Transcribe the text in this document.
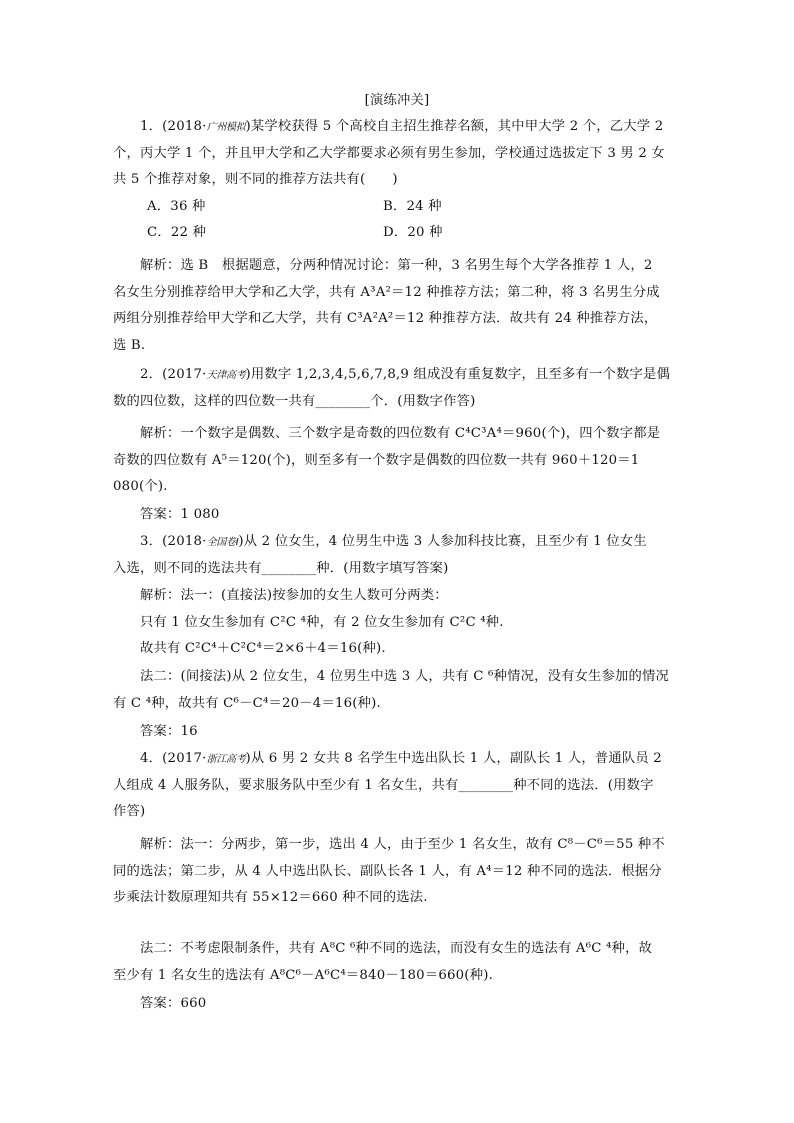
[演练冲关]
1．(2018·广州模拟)某学校获得 5 个高校自主招生推荐名额，其中甲大学 2 个，乙大学 2
个，丙大学 1 个，并且甲大学和乙大学都要求必须有男生参加，学校通过选拔定下 3 男 2 女
共 5 个推荐对象，则不同的推荐方法共有(　　)
A．36 种	B．24 种
C．22 种	D．20 种
解析：选 B　根据题意，分两种情况讨论：第一种，3 名男生每个大学各推荐 1 人，2
名女生分别推荐给甲大学和乙大学，共有 A³A²＝12 种推荐方法；第二种，将 3 名男生分成
两组分别推荐给甲大学和乙大学，共有 C³A²A²＝12 种推荐方法．故共有 24 种推荐方法，
选 B.
2．(2017·天津高考)用数字 1,2,3,4,5,6,7,8,9 组成没有重复数字，且至多有一个数字是偶
数的四位数，这样的四位数一共有________个．(用数字作答)
解析：一个数字是偶数、三个数字是奇数的四位数有 C⁴C³A⁴＝960(个)，四个数字都是
奇数的四位数有 A⁵＝120(个)，则至多有一个数字是偶数的四位数一共有 960＋120＝1
080(个).
答案：1 080
3．(2018·全国卷Ⅰ)从 2 位女生，4 位男生中选 3 人参加科技比赛，且至少有 1 位女生
入选，则不同的选法共有________种．(用数字填写答案)
解析：法一：(直接法)按参加的女生人数可分两类：
只有 1 位女生参加有 C²C ⁴种，有 2 位女生参加有 C²C ⁴种.
故共有 C²C⁴＋C²C⁴＝2×6＋4＝16(种).
法二：(间接法)从 2 位女生，4 位男生中选 3 人，共有 C ⁶种情况，没有女生参加的情况
有 C ⁴种，故共有 C⁶－C⁴＝20－4＝16(种).
答案：16
4．(2017·浙江高考)从 6 男 2 女共 8 名学生中选出队长 1 人，副队长 1 人，普通队员 2
人组成 4 人服务队，要求服务队中至少有 1 名女生，共有________种不同的选法．(用数字
作答)
解析：法一：分两步，第一步，选出 4 人，由于至少 1 名女生，故有 C⁸－C⁶＝55 种不
同的选法；第二步，从 4 人中选出队长、副队长各 1 人，有 A⁴＝12 种不同的选法．根据分
步乘法计数原理知共有 55×12＝660 种不同的选法.
法二：不考虑限制条件，共有 A⁸C ⁶种不同的选法，而没有女生的选法有 A⁶C ⁴种，故
至少有 1 名女生的选法有 A⁸C⁶－A⁶C⁴＝840－180＝660(种).
答案：660
